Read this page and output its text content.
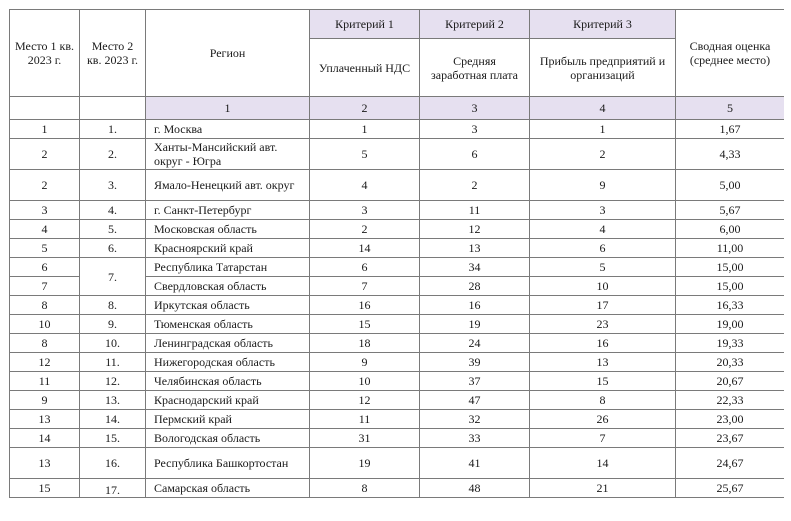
Место 1 кв. 2023 г.	Место 2 кв. 2023 г.	Регион	Критерий 1	Критерий 2	Критерий 3	Сводная оценка (среднее место)
			Уплаченный НДС	Средняя заработная плата	Прибыль предприятий и организаций	
		1	2	3	4	5
1	1.	г. Москва	1	3	1	1,67
2	2.	Ханты-Мансийский авт. округ - Югра	5	6	2	4,33
2	3.	Ямало-Ненецкий авт. округ	4	2	9	5,00
3	4.	г. Санкт-Петербург	3	11	3	5,67
4	5.	Московская область	2	12	4	6,00
5	6.	Красноярский край	14	13	6	11,00
6	7.	Республика Татарстан	6	34	5	15,00
7		Свердловская область	7	28	10	15,00
8	8.	Иркутская область	16	16	17	16,33
10	9.	Тюменская область	15	19	23	19,00
8	10.	Ленинградская область	18	24	16	19,33
12	11.	Нижегородская область	9	39	13	20,33
11	12.	Челябинская область	10	37	15	20,67
9	13.	Краснодарский край	12	47	8	22,33
13	14.	Пермский край	11	32	26	23,00
14	15.	Вологодская область	31	33	7	23,67
13	16.	Республика Башкортостан	19	41	14	24,67
15	17.	Самарская область	8	48	21	25,67
